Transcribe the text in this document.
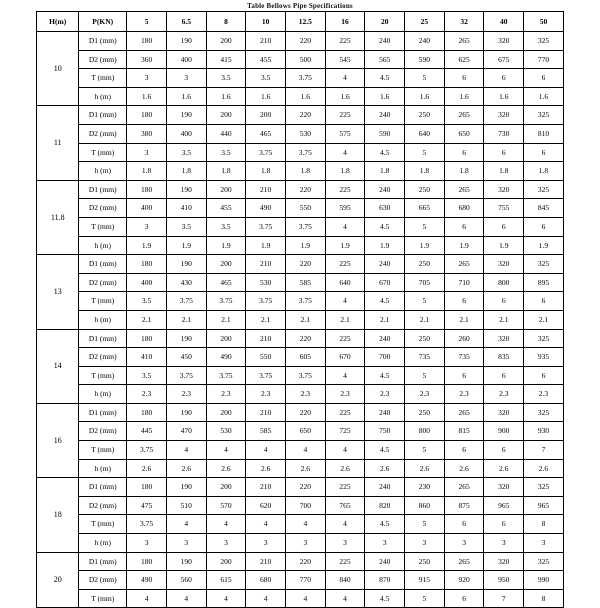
Table Bellows Pipe Specifications
H(m)	P(KN)	5	6.5	8	10	12.5	16	20	25	32	40	50
10	D1 (mm)	180	190	200	210	220	225	240	240	265	320	325
	D2 (mm)	360	400	415	455	500	545	565	590	625	675	770
	T (mm)	3	3	3.5	3.5	3.75	4	4.5	5	6	6	6
	h (m)	1.6	1.6	1.6	1.6	1.6	1.6	1.6	1.6	1.6	1.6	1.6
11	D1 (mm)	180	190	200	200	220	225	240	250	265	320	325
	D2 (mm)	380	400	440	465	530	575	590	640	650	730	810
	T (mm)	3	3.5	3.5	3.75	3.75	4	4.5	5	6	6	6
	h (m)	1.8	1.8	1.8	1.8	1.8	1.8	1.8	1.8	1.8	1.8	1.8
11.8	D1 (mm)	180	190	200	210	220	225	240	250	265	320	325
	D2 (mm)	400	410	455	490	550	595	630	665	680	755	845
	T (mm)	3	3.5	3.5	3.75	3.75	4	4.5	5	6	6	6
	h (m)	1.9	1.9	1.9	1.9	1.9	1.9	1.9	1.9	1.9	1.9	1.9
13	D1 (mm)	180	190	200	210	220	225	240	250	265	320	325
	D2 (mm)	400	430	465	530	585	640	670	705	710	800	895
	T (mm)	3.5	3.75	3.75	3.75	3.75	4	4.5	5	6	6	6
	h (m)	2.1	2.1	2.1	2.1	2.1	2.1	2.1	2.1	2.1	2.1	2.1
14	D1 (mm)	180	190	200	210	220	225	240	250	260	320	325
	D2 (mm)	410	450	490	550	605	670	700	735	735	835	935
	T (mm)	3.5	3.75	3.75	3.75	3.75	4	4.5	5	6	6	6
	h (m)	2.3	2.3	2.3	2.3	2.3	2.3	2.3	2.3	2.3	2.3	2.3
16	D1 (mm)	180	190	200	210	220	225	240	250	265	320	325
	D2 (mm)	445	470	530	585	650	725	750	800	815	900	930
	T (mm)	3.75	4	4	4	4	4	4.5	5	6	6	7
	h (m)	2.6	2.6	2.6	2.6	2.6	2.6	2.6	2.6	2.6	2.6	2.6
18	D1 (mm)	180	190	200	210	220	225	240	230	265	320	325
	D2 (mm)	475	510	570	620	700	765	820	860	875	965	965
	T (mm)	3.75	4	4	4	4	4	4.5	5	6	6	8
	h (m)	3	3	3	3	3	3	3	3	3	3	3
20	D1 (mm)	180	190	200	210	220	225	240	250	265	320	325
	D2 (mm)	490	560	615	680	770	840	870	915	920	950	990
	T (mm)	4	4	4	4	4	4	4.5	5	6	7	8
